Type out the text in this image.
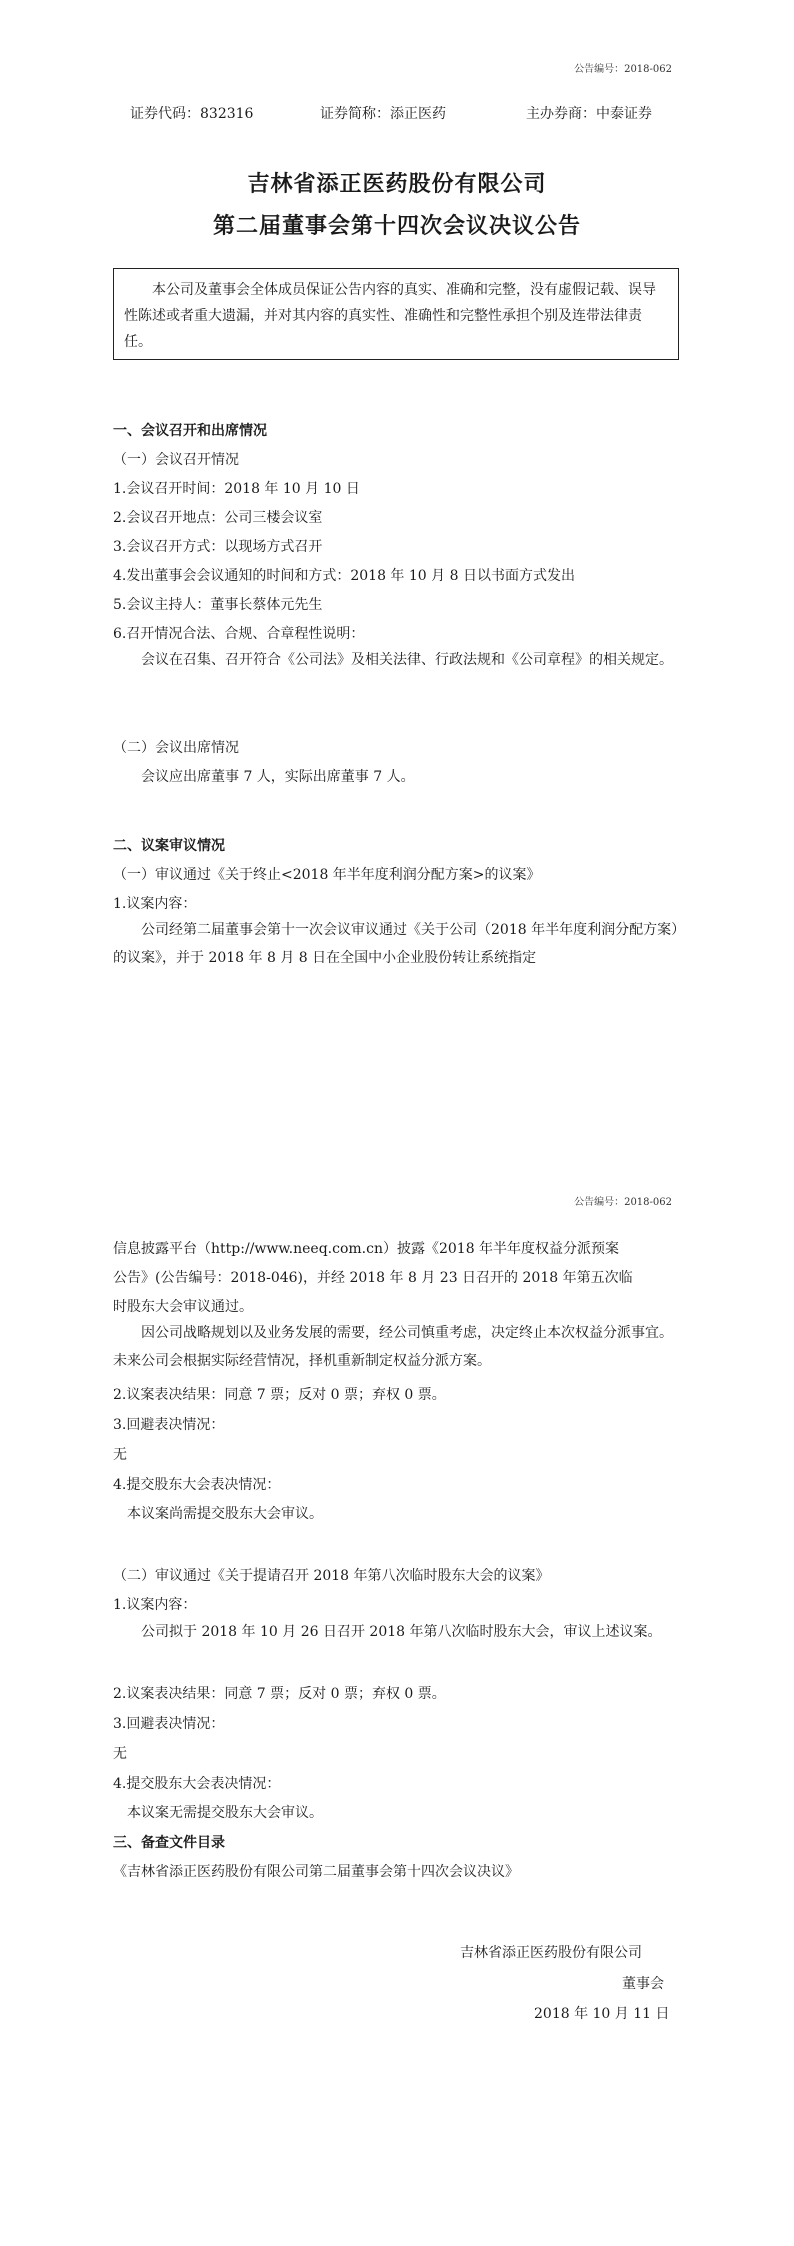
公告编号：2018-062
证券代码：832316	证券简称：添正医药	主办券商：中泰证券
吉林省添正医药股份有限公司
第二届董事会第十四次会议决议公告
本公司及董事会全体成员保证公告内容的真实、准确和完整，没有虚假记载、误导性陈述或者重大遗漏，并对其内容的真实性、准确性和完整性承担个别及连带法律责任。
一、会议召开和出席情况
（一）会议召开情况
1.会议召开时间：2018 年 10 月 10 日
2.会议召开地点：公司三楼会议室
3.会议召开方式：以现场方式召开
4.发出董事会会议通知的时间和方式：2018 年 10 月 8 日以书面方式发出
5.会议主持人：董事长蔡体元先生
6.召开情况合法、合规、合章程性说明：
会议在召集、召开符合《公司法》及相关法律、行政法规和《公司章程》的相关规定。
（二）会议出席情况
会议应出席董事 7 人，实际出席董事 7 人。
二、议案审议情况
（一）审议通过《关于终止<2018 年半年度利润分配方案>的议案》
1.议案内容：
公司经第二届董事会第十一次会议审议通过《关于公司（2018 年半年度利润分配方案）的议案》，并于 2018 年 8 月 8 日在全国中小企业股份转让系统指定
公告编号：2018-062
信息披露平台（http://www.neeq.com.cn）披露《2018 年半年度权益分派预案
公告》(公告编号：2018-046)，并经 2018 年 8 月 23 日召开的 2018 年第五次临
时股东大会审议通过。
因公司战略规划以及业务发展的需要，经公司慎重考虑，决定终止本次权益分派事宜。未来公司会根据实际经营情况，择机重新制定权益分派方案。
2.议案表决结果：同意 7 票；反对 0 票；弃权 0 票。
3.回避表决情况：
无
4.提交股东大会表决情况：
本议案尚需提交股东大会审议。
（二）审议通过《关于提请召开 2018 年第八次临时股东大会的议案》
1.议案内容：
公司拟于 2018 年 10 月 26 日召开 2018 年第八次临时股东大会，审议上述议案。
2.议案表决结果：同意 7 票；反对 0 票；弃权 0 票。
3.回避表决情况：
无
4.提交股东大会表决情况：
本议案无需提交股东大会审议。
三、备查文件目录
《吉林省添正医药股份有限公司第二届董事会第十四次会议决议》
吉林省添正医药股份有限公司
董事会
2018 年 10 月 11 日
